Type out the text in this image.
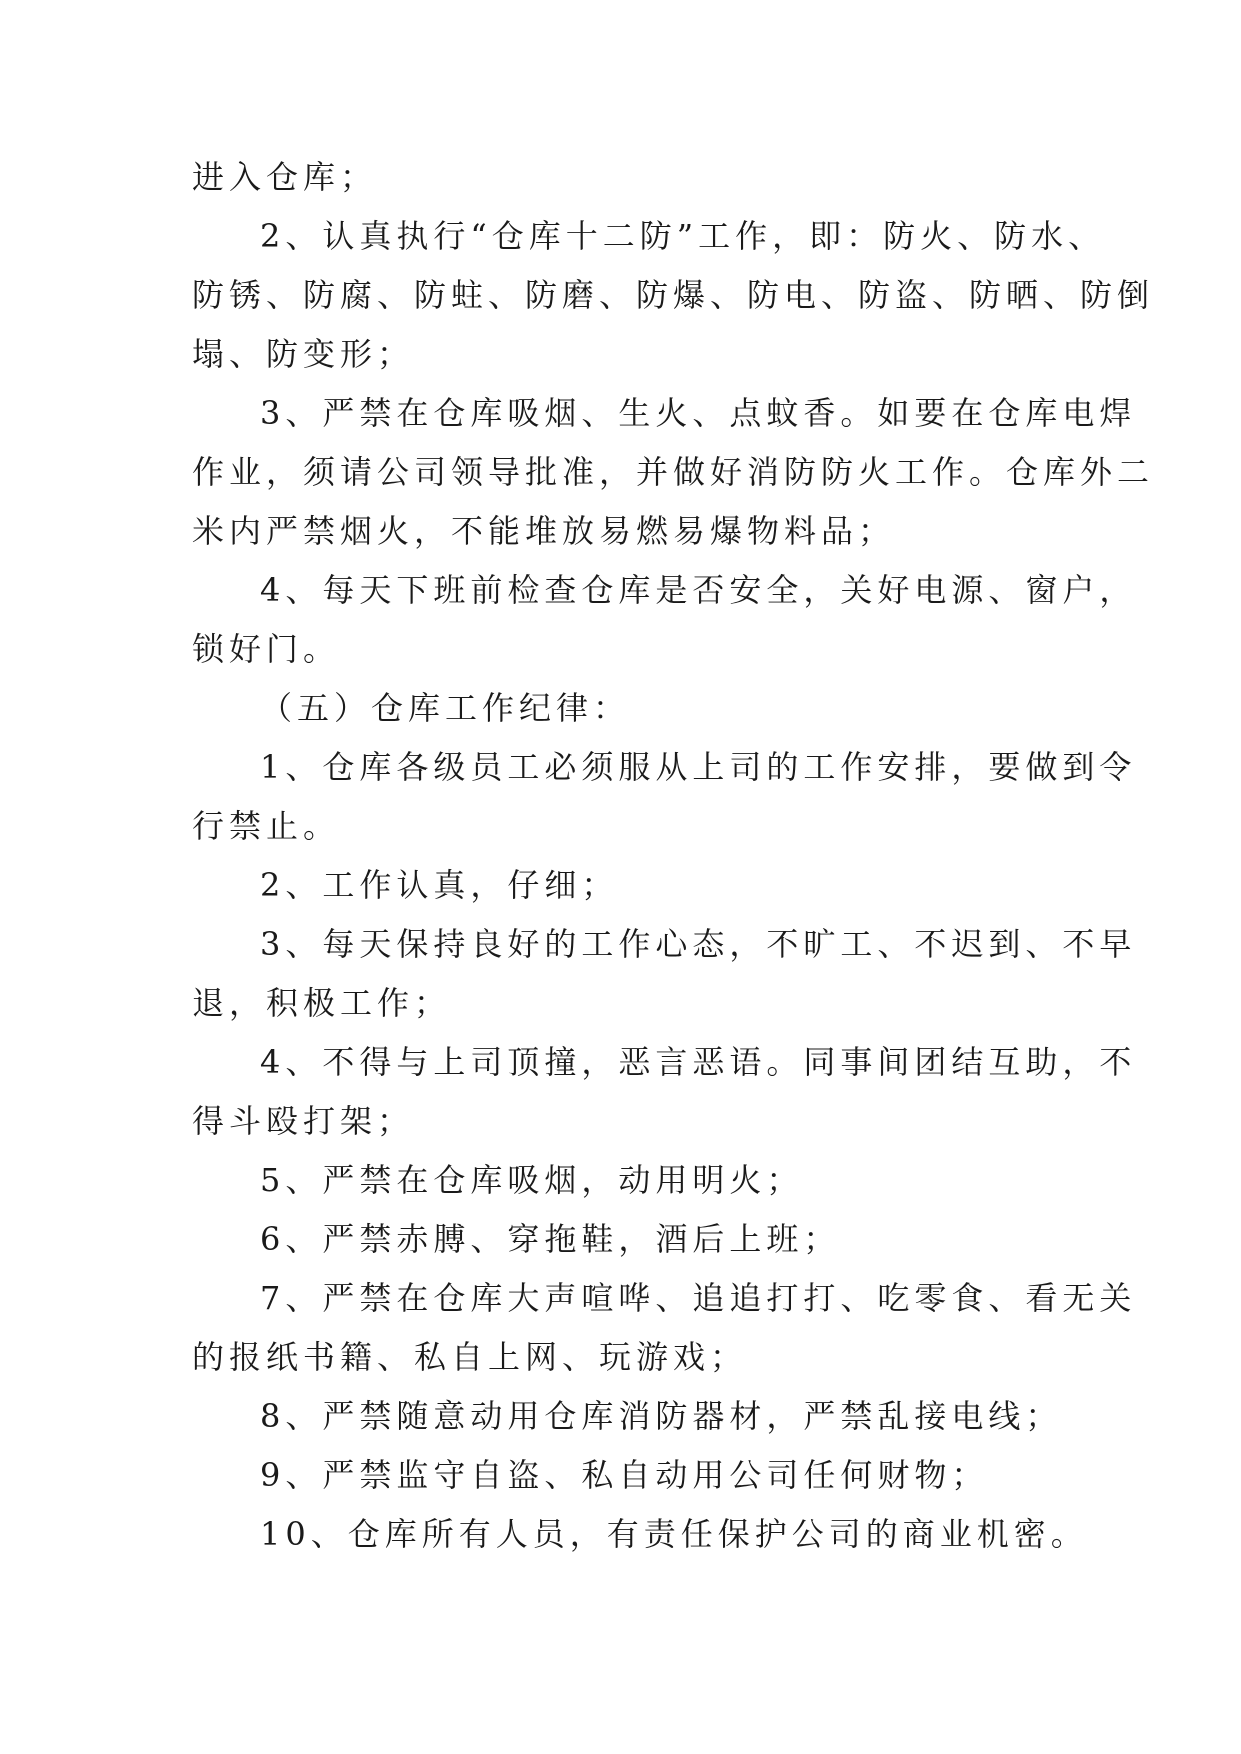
进入仓库；
2、认真执行“仓库十二防”工作，即：防火、防水、
防锈、防腐、防蛀、防磨、防爆、防电、防盗、防晒、防倒
塌、防变形；
3、严禁在仓库吸烟、生火、点蚊香。如要在仓库电焊
作业，须请公司领导批准，并做好消防防火工作。仓库外二
米内严禁烟火，不能堆放易燃易爆物料品；
4、每天下班前检查仓库是否安全，关好电源、窗户，
锁好门。
（五）仓库工作纪律：
1、仓库各级员工必须服从上司的工作安排，要做到令
行禁止。
2、工作认真，仔细；
3、每天保持良好的工作心态，不旷工、不迟到、不早
退，积极工作；
4、不得与上司顶撞，恶言恶语。同事间团结互助，不
得斗殴打架；
5、严禁在仓库吸烟，动用明火；
6、严禁赤膊、穿拖鞋，酒后上班；
7、严禁在仓库大声喧哗、追追打打、吃零食、看无关
的报纸书籍、私自上网、玩游戏；
8、严禁随意动用仓库消防器材，严禁乱接电线；
9、严禁监守自盗、私自动用公司任何财物；
10、仓库所有人员，有责任保护公司的商业机密。
